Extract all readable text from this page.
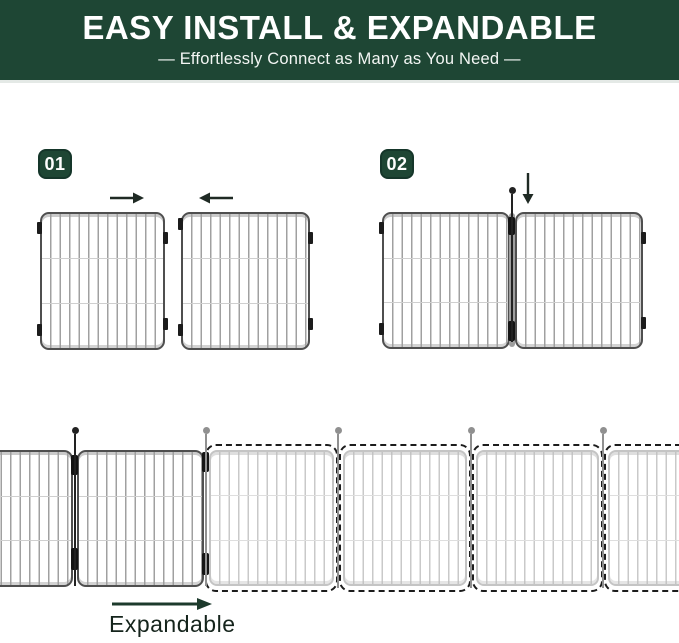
EASY INSTALL & EXPANDABLE

— Effortlessly Connect as Many as You Need —

01	02
Expandable
